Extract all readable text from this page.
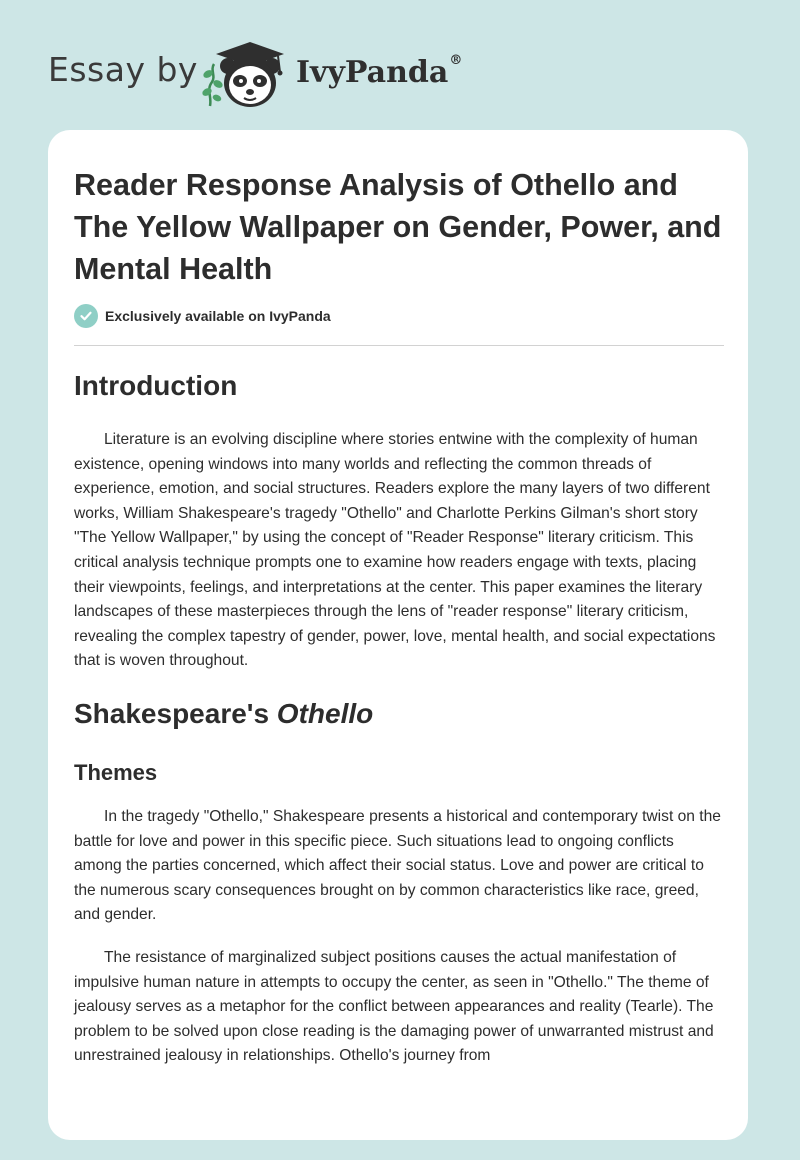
Essay by	IvyPanda®
Reader Response Analysis of Othello and The Yellow Wallpaper on Gender, Power, and Mental Health
Exclusively available on IvyPanda
Introduction

Literature is an evolving discipline where stories entwine with the complexity of human existence, opening windows into many worlds and reflecting the common threads of experience, emotion, and social structures. Readers explore the many layers of two different works, William Shakespeare's tragedy "Othello" and Charlotte Perkins Gilman's short story "The Yellow Wallpaper," by using the concept of "Reader Response" literary criticism. This critical analysis technique prompts one to examine how readers engage with texts, placing their viewpoints, feelings, and interpretations at the center. This paper examines the literary landscapes of these masterpieces through the lens of "reader response" literary criticism, revealing the complex tapestry of gender, power, love, mental health, and social expectations that is woven throughout.

Shakespeare's Othello
Themes

In the tragedy "Othello," Shakespeare presents a historical and contemporary twist on the battle for love and power in this specific piece. Such situations lead to ongoing conflicts among the parties concerned, which affect their social status. Love and power are critical to the numerous scary consequences brought on by common characteristics like race, greed, and gender.

The resistance of marginalized subject positions causes the actual manifestation of impulsive human nature in attempts to occupy the center, as seen in "Othello." The theme of jealousy serves as a metaphor for the conflict between appearances and reality (Tearle). The problem to be solved upon close reading is the damaging power of unwarranted mistrust and unrestrained jealousy in relationships. Othello's journey from
